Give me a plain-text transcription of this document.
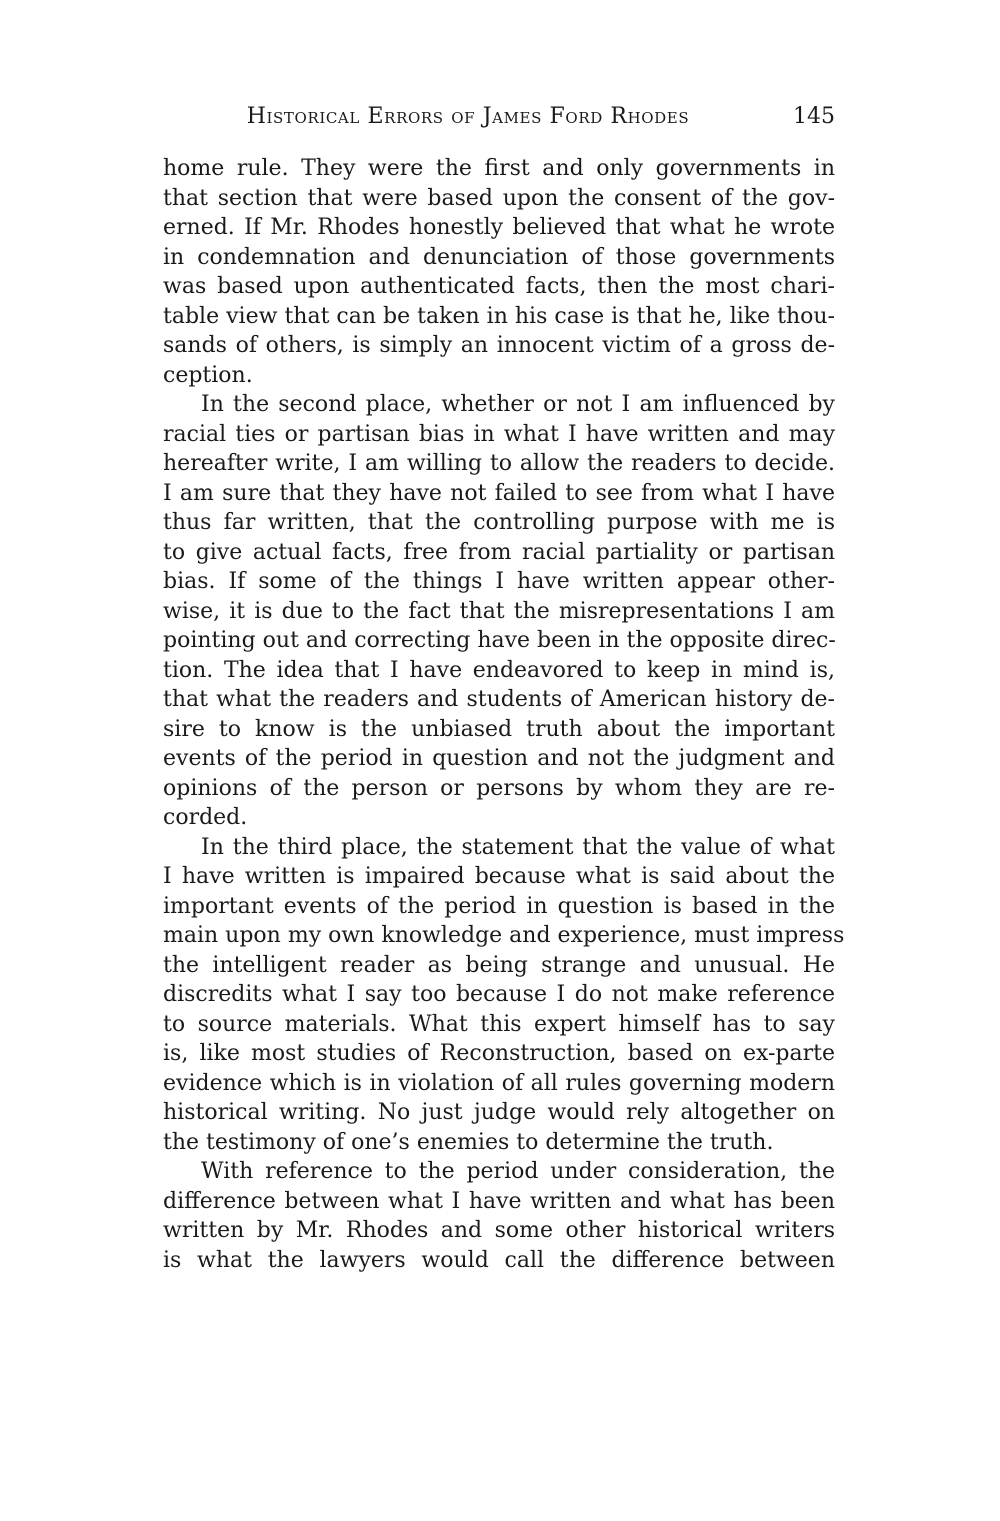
Historical Errors of James Ford Rhodes	145
home rule. They were the first and only governments in
that section that were based upon the consent of the gov-
erned. If Mr. Rhodes honestly believed that what he wrote
in condemnation and denunciation of those governments
was based upon authenticated facts, then the most chari-
table view that can be taken in his case is that he, like thou-
sands of others, is simply an innocent victim of a gross de-
ception.
In the second place, whether or not I am influenced by
racial ties or partisan bias in what I have written and may
hereafter write, I am willing to allow the readers to decide.
I am sure that they have not failed to see from what I have
thus far written, that the controlling purpose with me is
to give actual facts, free from racial partiality or partisan
bias. If some of the things I have written appear other-
wise, it is due to the fact that the misrepresentations I am
pointing out and correcting have been in the opposite direc-
tion. The idea that I have endeavored to keep in mind is,
that what the readers and students of American history de-
sire to know is the unbiased truth about the important
events of the period in question and not the judgment and
opinions of the person or persons by whom they are re-
corded.
In the third place, the statement that the value of what
I have written is impaired because what is said about the
important events of the period in question is based in the
main upon my own knowledge and experience, must impress
the intelligent reader as being strange and unusual. He
discredits what I say too because I do not make reference
to source materials. What this expert himself has to say
is, like most studies of Reconstruction, based on ex-parte
evidence which is in violation of all rules governing modern
historical writing. No just judge would rely altogether on
the testimony of one’s enemies to determine the truth.
With reference to the period under consideration, the
difference between what I have written and what has been
written by Mr. Rhodes and some other historical writers
is what the lawyers would call the difference between
